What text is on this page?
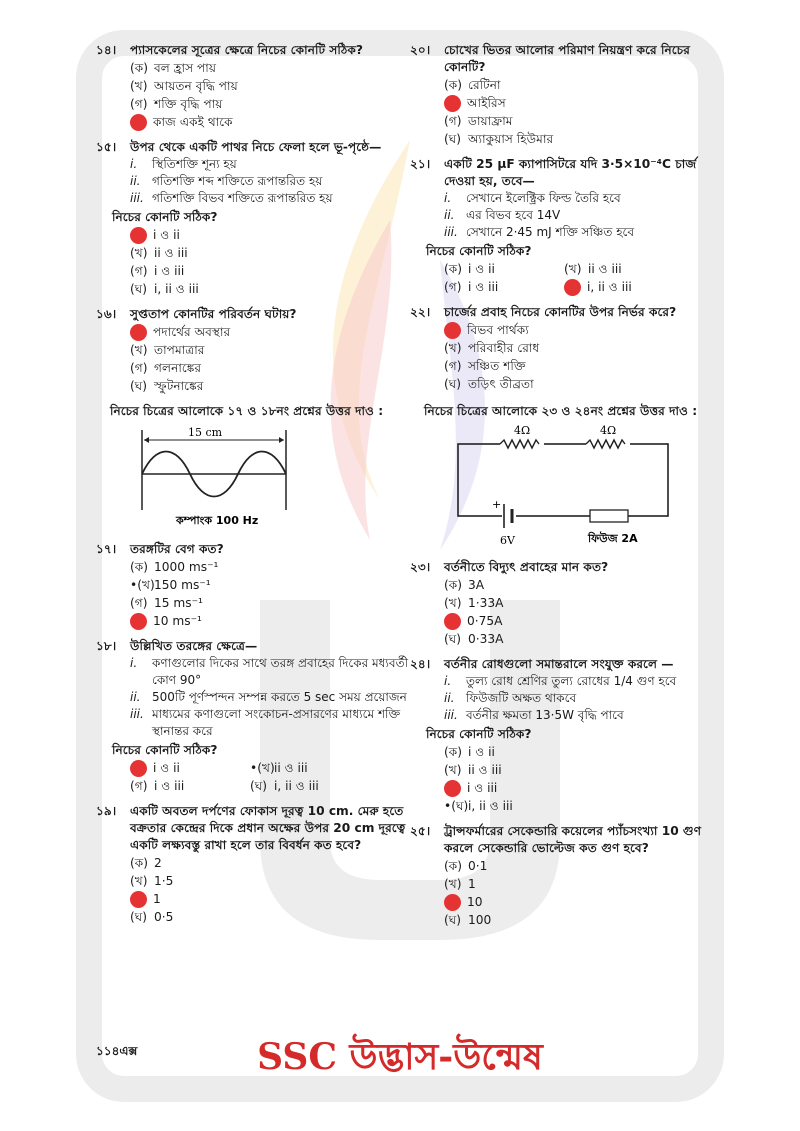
১৪।	প্যাসকেলের সূত্রের ক্ষেত্রে নিচের কোনটি সঠিক?
(ক) বল হ্রাস পায়
(খ) আয়তন বৃদ্ধি পায়
(গ) শক্তি বৃদ্ধি পায়
কাজ একই থাকে
১৫।	উপর থেকে একটি পাথর নিচে ফেলা হলে ভূ-পৃষ্ঠে—
i.	স্থিতিশক্তি শূন্য হয়
ii. গতিশক্তি শব্দ শক্তিতে রূপান্তরিত হয়
iii. গতিশক্তি বিভব শক্তিতে রূপান্তরিত হয়
নিচের কোনটি সঠিক?
i ও ii
(খ) ii ও iii
(গ) i ও iii
(ঘ) i, ii ও iii
১৬।	সুপ্ততাপ কোনটির পরিবর্তন ঘটায়?
পদার্থের অবস্থার
(খ) তাপমাত্রার
(গ) গলনাঙ্কের
(ঘ) স্ফুটনাঙ্কের
নিচের চিত্রের আলোকে ১৭ ও ১৮নং প্রশ্নের উত্তর দাও :
15 cm
কম্পাংক 100 Hz
১৭।	তরঙ্গটির বেগ কত?
(ক) 1000 ms⁻¹
•(খ) 150 ms⁻¹
(গ) 15 ms⁻¹
10 ms⁻¹
১৮।	উল্লিখিত তরঙ্গের ক্ষেত্রে—
i.	কণাগুলোর দিকের সাথে তরঙ্গ প্রবাহের দিকের মধ্যবর্তী কোণ 90°
ii. 500টি পূর্ণস্পন্দন সম্পন্ন করতে 5 sec সময় প্রয়োজন
iii. মাধ্যমের কণাগুলো সংকোচন-প্রসারণের মাধ্যমে শক্তি স্থানান্তর করে
নিচের কোনটি সঠিক?
i ও ii	•(খ) ii ও iii
(গ) i ও iii	(ঘ) i, ii ও iii
১৯।	একটি অবতল দর্পণের ফোকাস দূরত্ব 10 cm. মেরু হতে বক্রতার কেন্দ্রের দিকে প্রধান অক্ষের উপর 20 cm দূরত্বে একটি লক্ষ্যবস্তু রাখা হলে তার বিবর্ধন কত হবে?
(ক) 2
(খ) 1·5
1
(ঘ) 0·5
২০।	চোখের ভিতর আলোর পরিমাণ নিয়ন্ত্রণ করে নিচের কোনটি?
(ক) রেটিনা
আইরিস
(গ) ডায়াফ্রাম
(ঘ) অ্যাকুয়াস হিউমার
২১।	একটি 25 μF ক্যাপাসিটরে যদি 3·5×10⁻⁴C চার্জ দেওয়া হয়, তবে—
i.	সেখানে ইলেক্ট্রিক ফিল্ড তৈরি হবে
ii. এর বিভব হবে 14V
iii. সেখানে 2·45 mJ শক্তি সঞ্চিত হবে
নিচের কোনটি সঠিক?
(ক) i ও ii	(খ) ii ও iii
(গ) i ও iii	i, ii ও iii
২২।	চার্জের প্রবাহ নিচের কোনটির উপর নির্ভর করে?
বিভব পার্থক্য
(খ) পরিবাহীর রোধ
(গ) সঞ্চিত শক্তি
(ঘ) তড়িৎ তীব্রতা
নিচের চিত্রের আলোকে ২৩ ও ২৪নং প্রশ্নের উত্তর দাও :
+
4Ω	4Ω
6V	ফিউজ 2A
২৩।	বর্তনীতে বিদ্যুৎ প্রবাহের মান কত?
(ক) 3A
(খ) 1·33A
0·75A
(ঘ) 0·33A
২৪।	বর্তনীর রোধগুলো সমান্তরালে সংযুক্ত করলে —
i.	তুল্য রোধ শ্রেণির তুল্য রোধের 1/4 গুণ হবে
ii. ফিউজটি অক্ষত থাকবে
iii. বর্তনীর ক্ষমতা 13·5W বৃদ্ধি পাবে
নিচের কোনটি সঠিক?
(ক) i ও ii
(খ) ii ও iii
i ও iii
•(ঘ) i, ii ও iii
২৫।	ট্রান্সফর্মারের সেকেন্ডারি কয়েলের প্যাঁচসংখ্যা 10 গুণ করলে সেকেন্ডারি ভোল্টেজ কত গুণ হবে?
(ক) 0·1
(খ) 1
10
(ঘ) 100
১১৪এক্স	SSC উদ্ভাস-উন্মেষ
